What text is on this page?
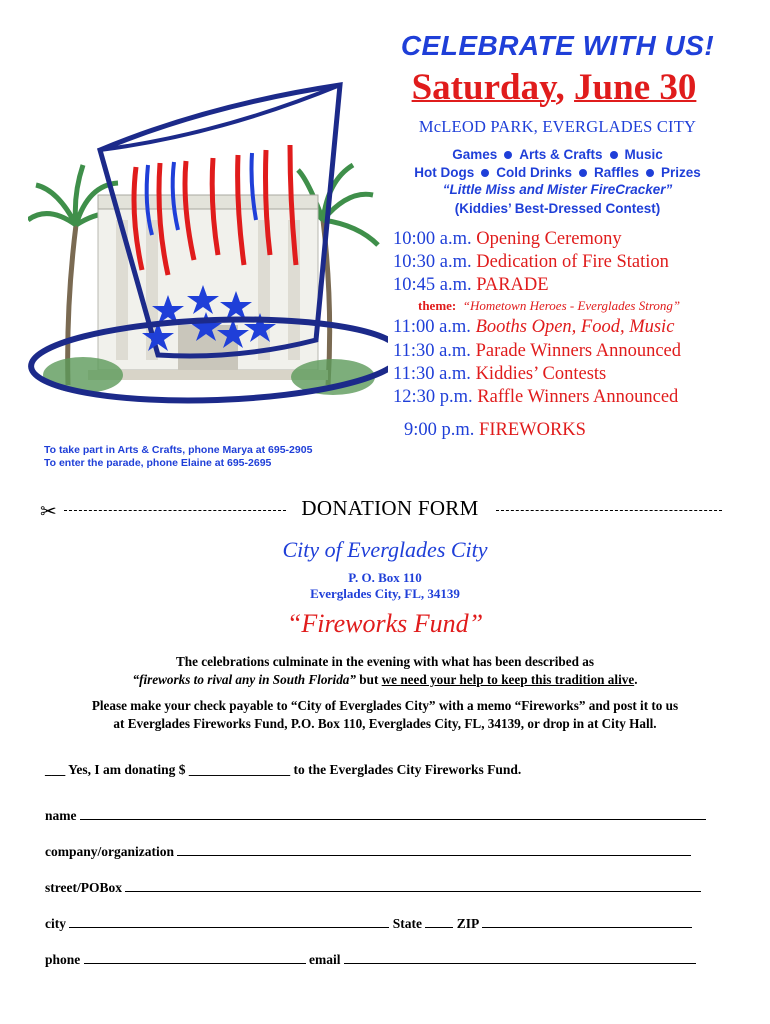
CELEBRATE WITH US!
Saturday, June 30
McLEOD PARK, EVERGLADES CITY
Games Arts & Crafts Music
Hot Dogs Cold Drinks Raffles Prizes
“Little Miss and Mister FireCracker”
(Kiddies’ Best-Dressed Contest)
10:00 a.m. Opening Ceremony
10:30 a.m. Dedication of Fire Station
10:45 a.m. PARADE
theme: “Hometown Heroes - Everglades Strong”
11:00 a.m. Booths Open, Food, Music
11:30 a.m. Parade Winners Announced
11:30 a.m. Kiddies’ Contests
12:30 p.m. Raffle Winners Announced
9:00 p.m. FIREWORKS
To take part in Arts & Crafts, phone Marya at 695-2905
To enter the parade, phone Elaine at 695-2695
✂	DONATION FORM
City of Everglades City
P. O. Box 110
Everglades City, FL, 34139
“Fireworks Fund”
The celebrations culminate in the evening with what has been described as
“fireworks to rival any in South Florida” but we need your help to keep this tradition alive.
Please make your check payable to “City of Everglades City” with a memo “Fireworks” and post it to us
at Everglades Fireworks Fund, P.O. Box 110, Everglades City, FL, 34139, or drop in at City Hall.
___ Yes, I am donating $ _______________ to the Everglades City Fireworks Fund.
name
company/organization
street/POBox
city	State	ZIP
phone	email
